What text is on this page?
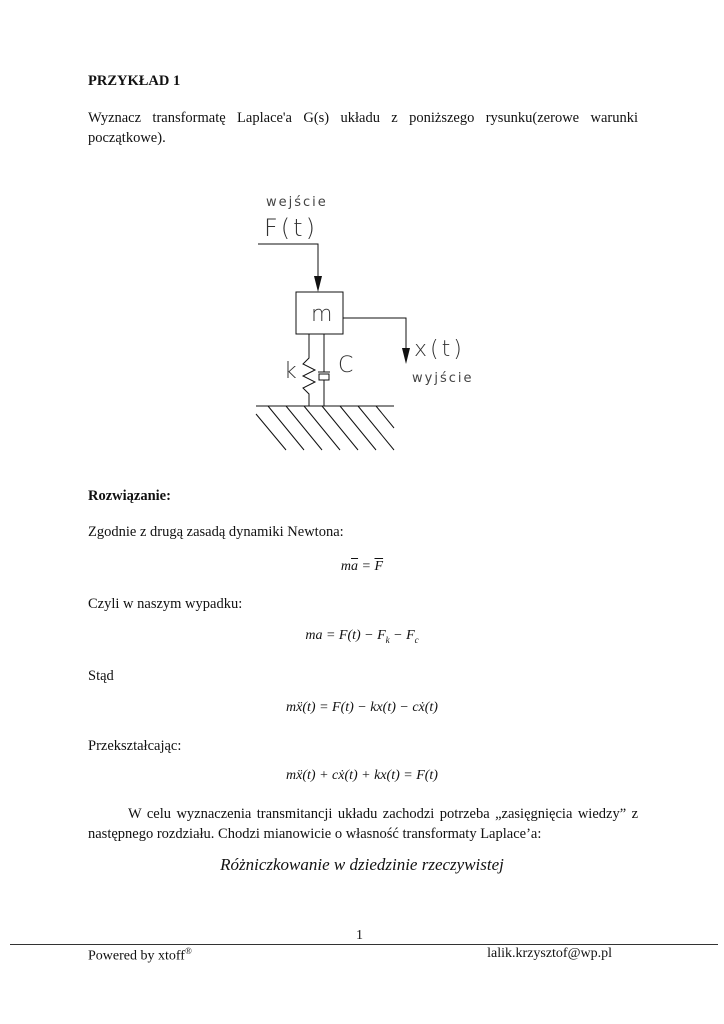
PRZYKŁAD 1
Wyznacz transformatę Laplace'a G(s) układu z poniższego rysunku(zerowe warunki początkowe).
wejście
F(t)
m
x(t)
wyjście
k C
Rozwiązanie:
Zgodnie z drugą zasadą dynamiki Newtona:
$m\overline{a} = \overline{F}$
Czyli w naszym wypadku:
ma = $F(t) - F_k - F_c$
Stąd
mẍ(t) = F(t) − kx(t) − cẋ(t)
Przekształcając:
mẍ(t) + cẋ(t) + kx(t) = F(t)
W celu wyznaczenia transmitancji układu zachodzi potrzeba „zasięgnięcia wiedzy” z następnego rozdziału. Chodzi mianowicie o własność transformaty Laplace’a:
Różniczkowanie w dziedzinie rzeczywistej
1
Powered by xtoff®	lalik.krzysztof@wp.pl
